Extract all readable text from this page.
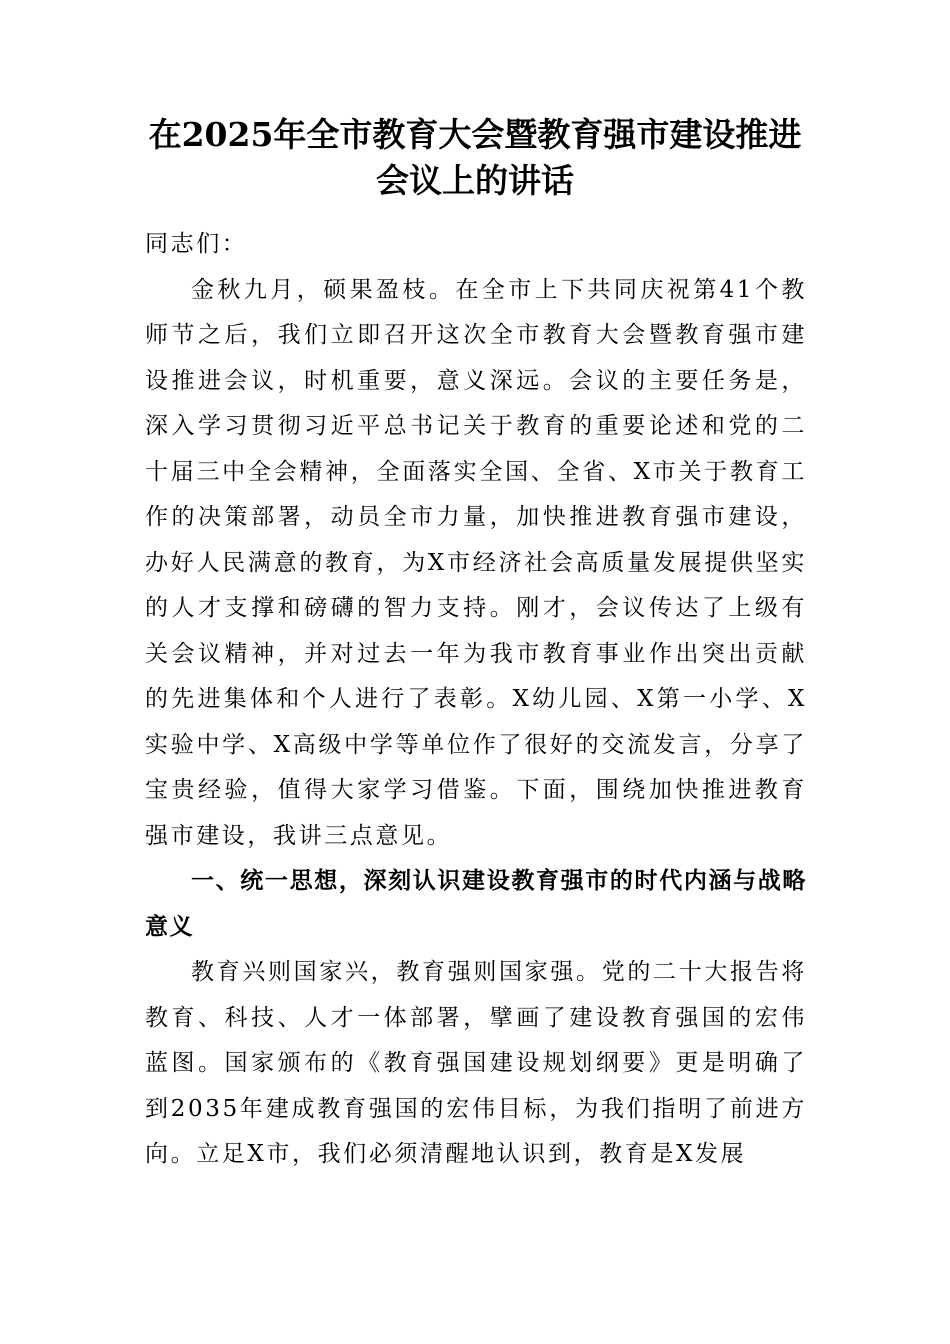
在2025年全市教育大会暨教育强市建设推进会议上的讲话

同志们：

金秋九月，硕果盈枝。在全市上下共同庆祝第41个教师节之后，我们立即召开这次全市教育大会暨教育强市建设推进会议，时机重要，意义深远。会议的主要任务是，深入学习贯彻习近平总书记关于教育的重要论述和党的二十届三中全会精神，全面落实全国、全省、X市关于教育工作的决策部署，动员全市力量，加快推进教育强市建设，办好人民满意的教育，为X市经济社会高质量发展提供坚实的人才支撑和磅礴的智力支持。刚才，会议传达了上级有关会议精神，并对过去一年为我市教育事业作出突出贡献的先进集体和个人进行了表彰。X幼儿园、X第一小学、X实验中学、X高级中学等单位作了很好的交流发言，分享了宝贵经验，值得大家学习借鉴。下面，围绕加快推进教育强市建设，我讲三点意见。

一、统一思想，深刻认识建设教育强市的时代内涵与战略意义

教育兴则国家兴，教育强则国家强。党的二十大报告将教育、科技、人才一体部署，擘画了建设教育强国的宏伟蓝图。国家颁布的《教育强国建设规划纲要》更是明确了到2035年建成教育强国的宏伟目标，为我们指明了前进方向。立足X市，我们必须清醒地认识到，教育是X发展
